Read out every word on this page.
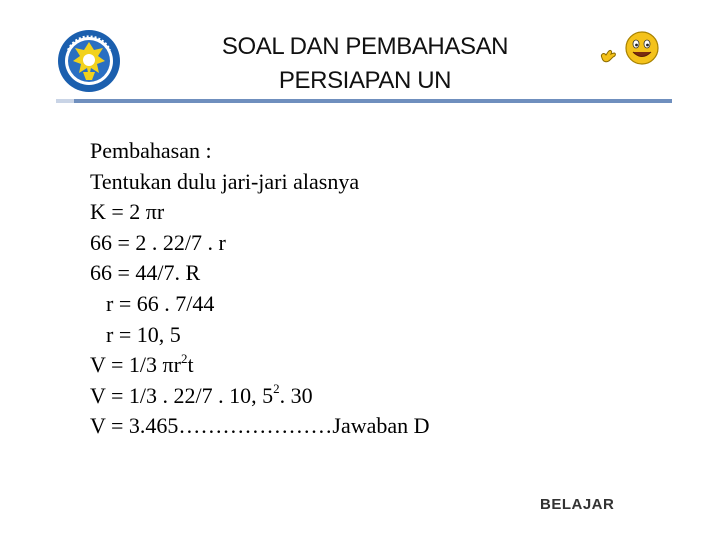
SOAL DAN PEMBAHASAN
PERSIAPAN UN
Pembahasan :
Tentukan dulu jari-jari alasnya
K = 2 πr
66 = 2 . 22/7 . r
66 = 44/7. R
r = 66 . 7/44
r = 10, 5
V = 1/3 $\pi r^2t$
V = 1/3 . 22/7 . 10, $5^2$. 30
V = 3.465…………………Jawaban D
BELAJAR
